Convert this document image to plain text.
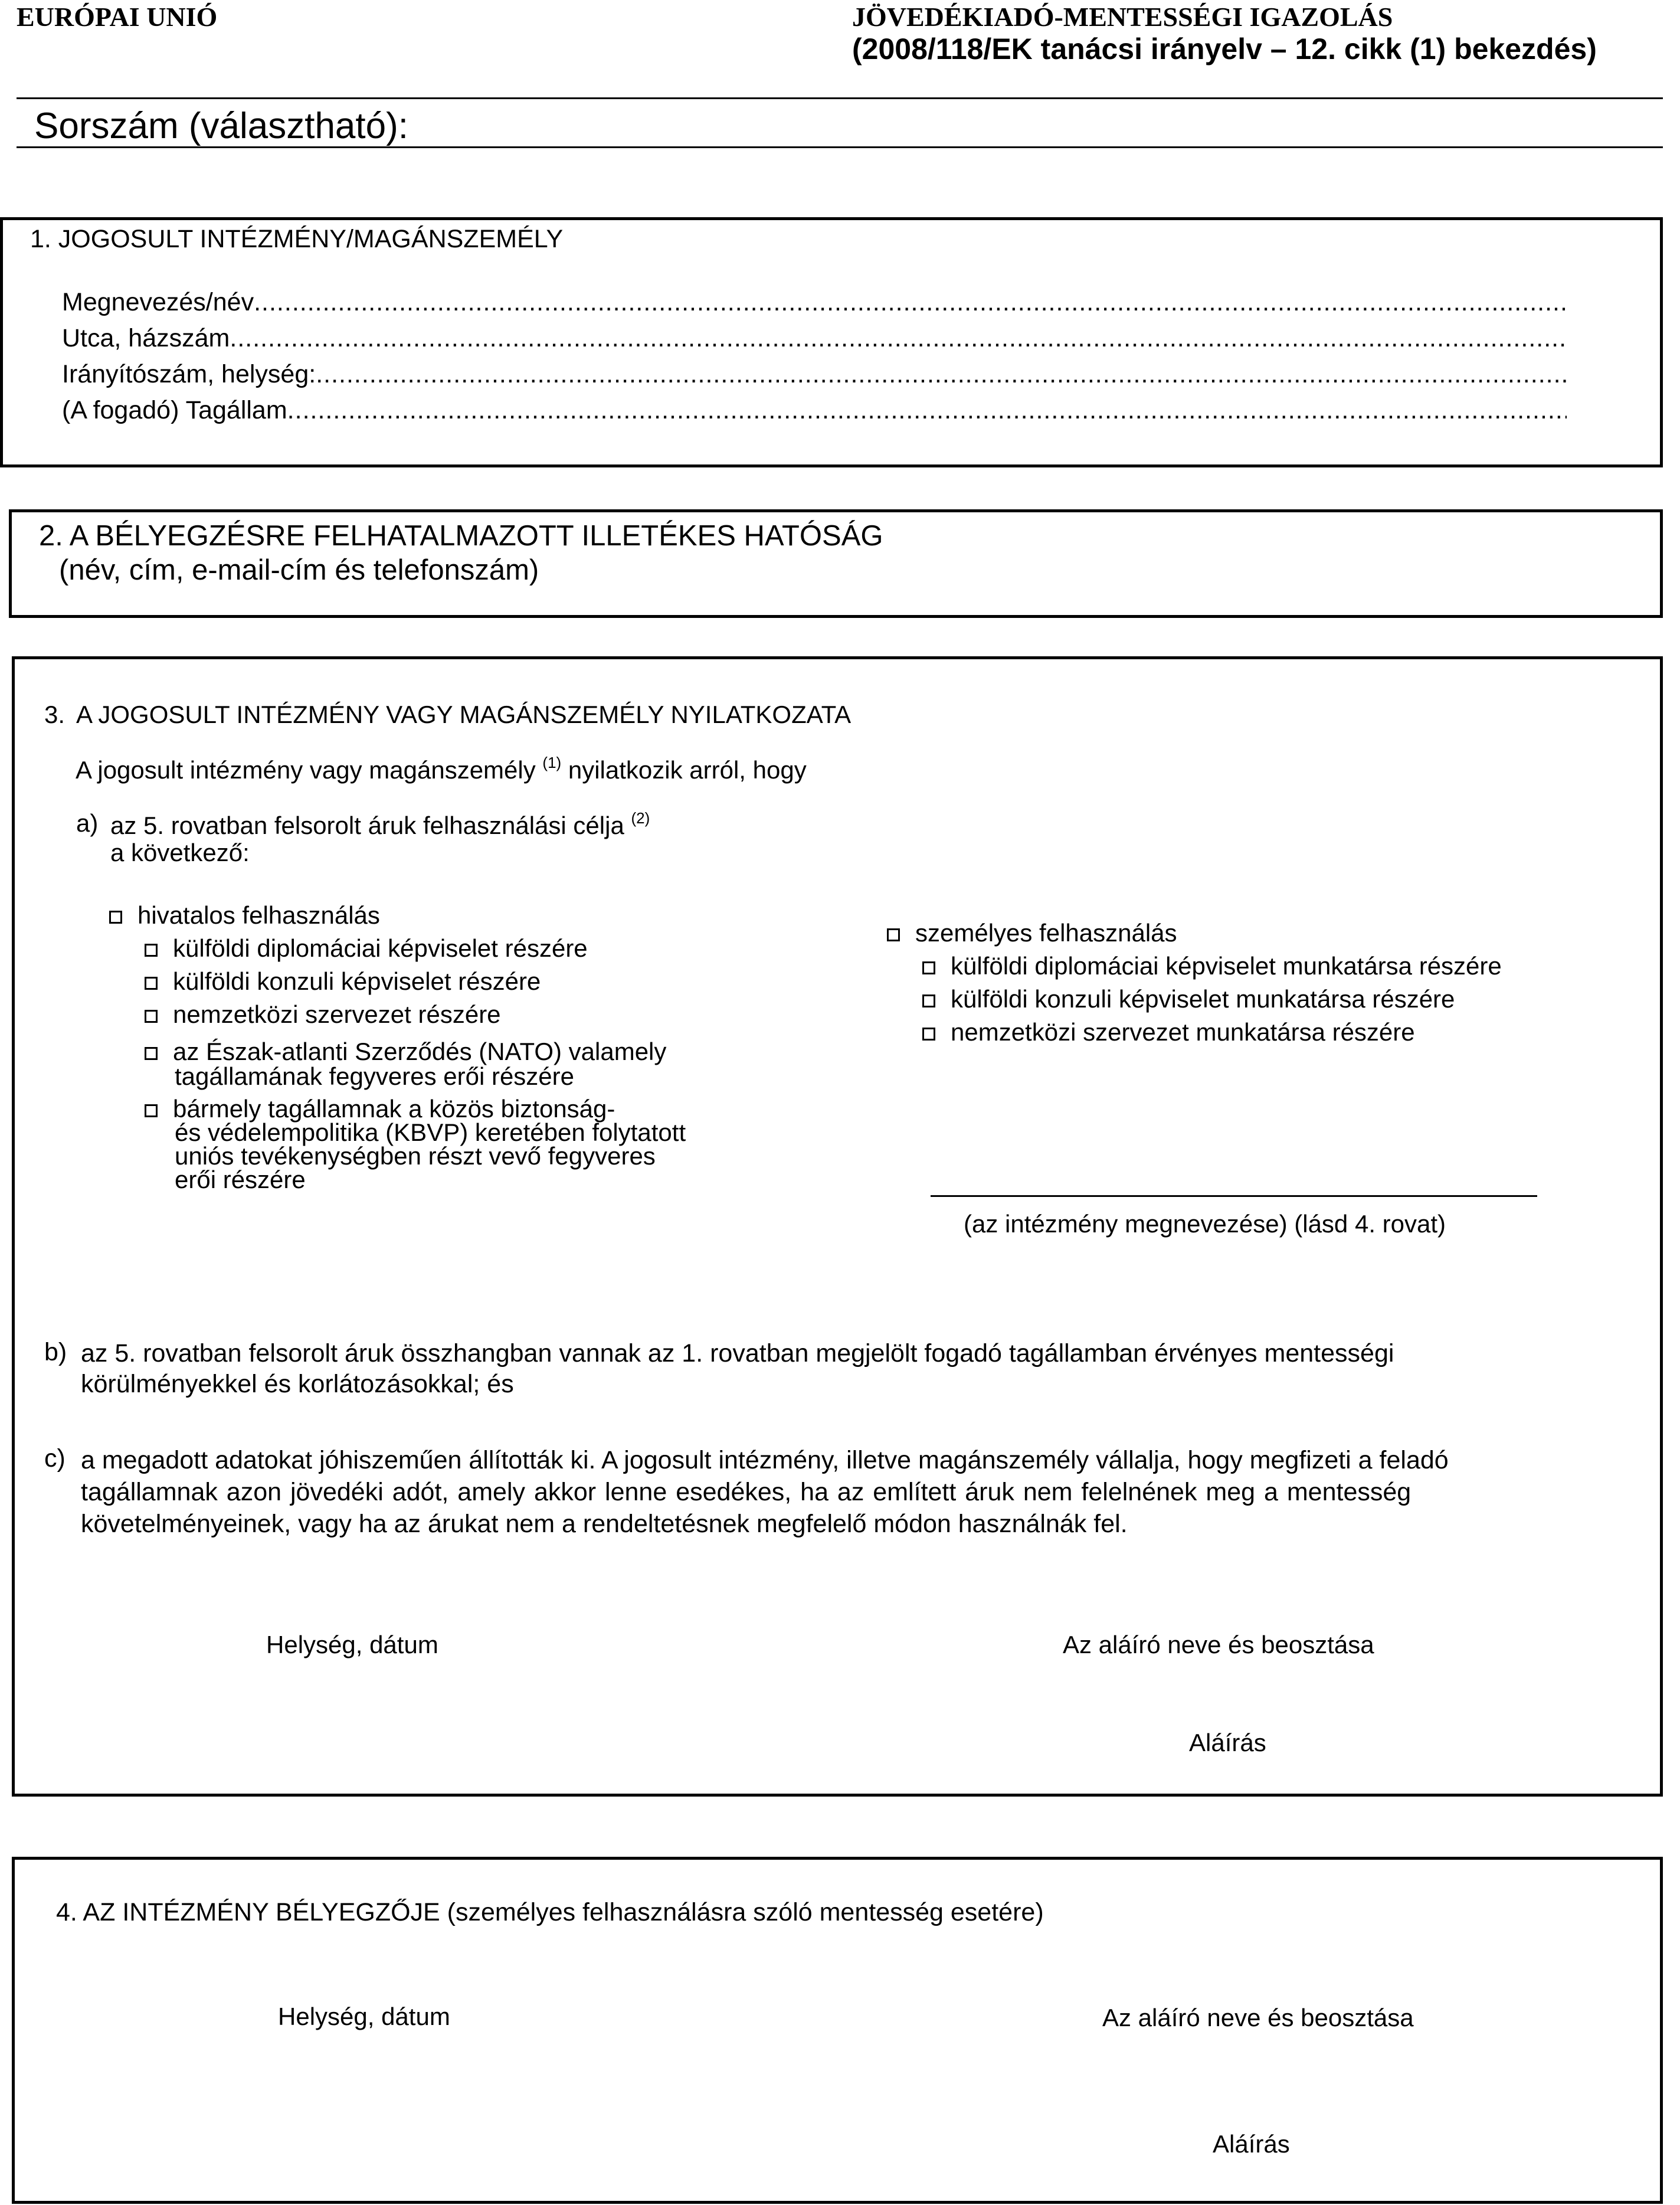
EURÓPAI UNIÓ	JÖVEDÉKIADÓ-MENTESSÉGI IGAZOLÁS
(2008/118/EK tanácsi irányelv – 12. cikk (1) bekezdés)
Sorszám (választható):
1. JOGOSULT INTÉZMÉNY/MAGÁNSZEMÉLY
Megnevezés/név
.....
Utca, házszám
.....
Irányítószám, helység:
.....
(A fogadó) Tagállam
.....
2. A BÉLYEGZÉSRE FELHATALMAZOTT ILLETÉKES HATÓSÁG
(név, cím, e-mail-cím és telefonszám)
3. A JOGOSULT INTÉZMÉNY VAGY MAGÁNSZEMÉLY NYILATKOZATA
A jogosult intézmény vagy magánszemély $^{(1)}$ nyilatkozik arról, hogy
a) az 5. rovatban felsorolt áruk felhasználási célja $^{(2)}$
a következő:
hivatalos felhasználás
külföldi diplomáciai képviselet részére
külföldi konzuli képviselet részére
nemzetközi szervezet részére
az Észak-atlanti Szerződés (NATO) valamely
tagállamának fegyveres erői részére
bármely tagállamnak a közös biztonság-
és védelempolitika (KBVP) keretében folytatott
uniós tevékenységben részt vevő fegyveres
erői részére
személyes felhasználás
külföldi diplomáciai képviselet munkatársa részére
külföldi konzuli képviselet munkatársa részére
nemzetközi szervezet munkatársa részére
(az intézmény megnevezése) (lásd 4. rovat)
b) az 5. rovatban felsorolt áruk összhangban vannak az 1. rovatban megjelölt fogadó tagállamban érvényes mentességi
körülményekkel és korlátozásokkal; és
c) a megadott adatokat jóhiszeműen állították ki. A jogosult intézmény, illetve magánszemély vállalja, hogy megfizeti a feladó
tagállamnak azon jövedéki adót, amely akkor lenne esedékes, ha az említett áruk nem felelnének meg a mentesség
követelményeinek, vagy ha az árukat nem a rendeltetésnek megfelelő módon használnák fel.
Helység, dátum	Az aláíró neve és beosztása
Aláírás
4. AZ INTÉZMÉNY BÉLYEGZŐJE (személyes felhasználásra szóló mentesség esetére)
Helység, dátum	Az aláíró neve és beosztása
Aláírás
